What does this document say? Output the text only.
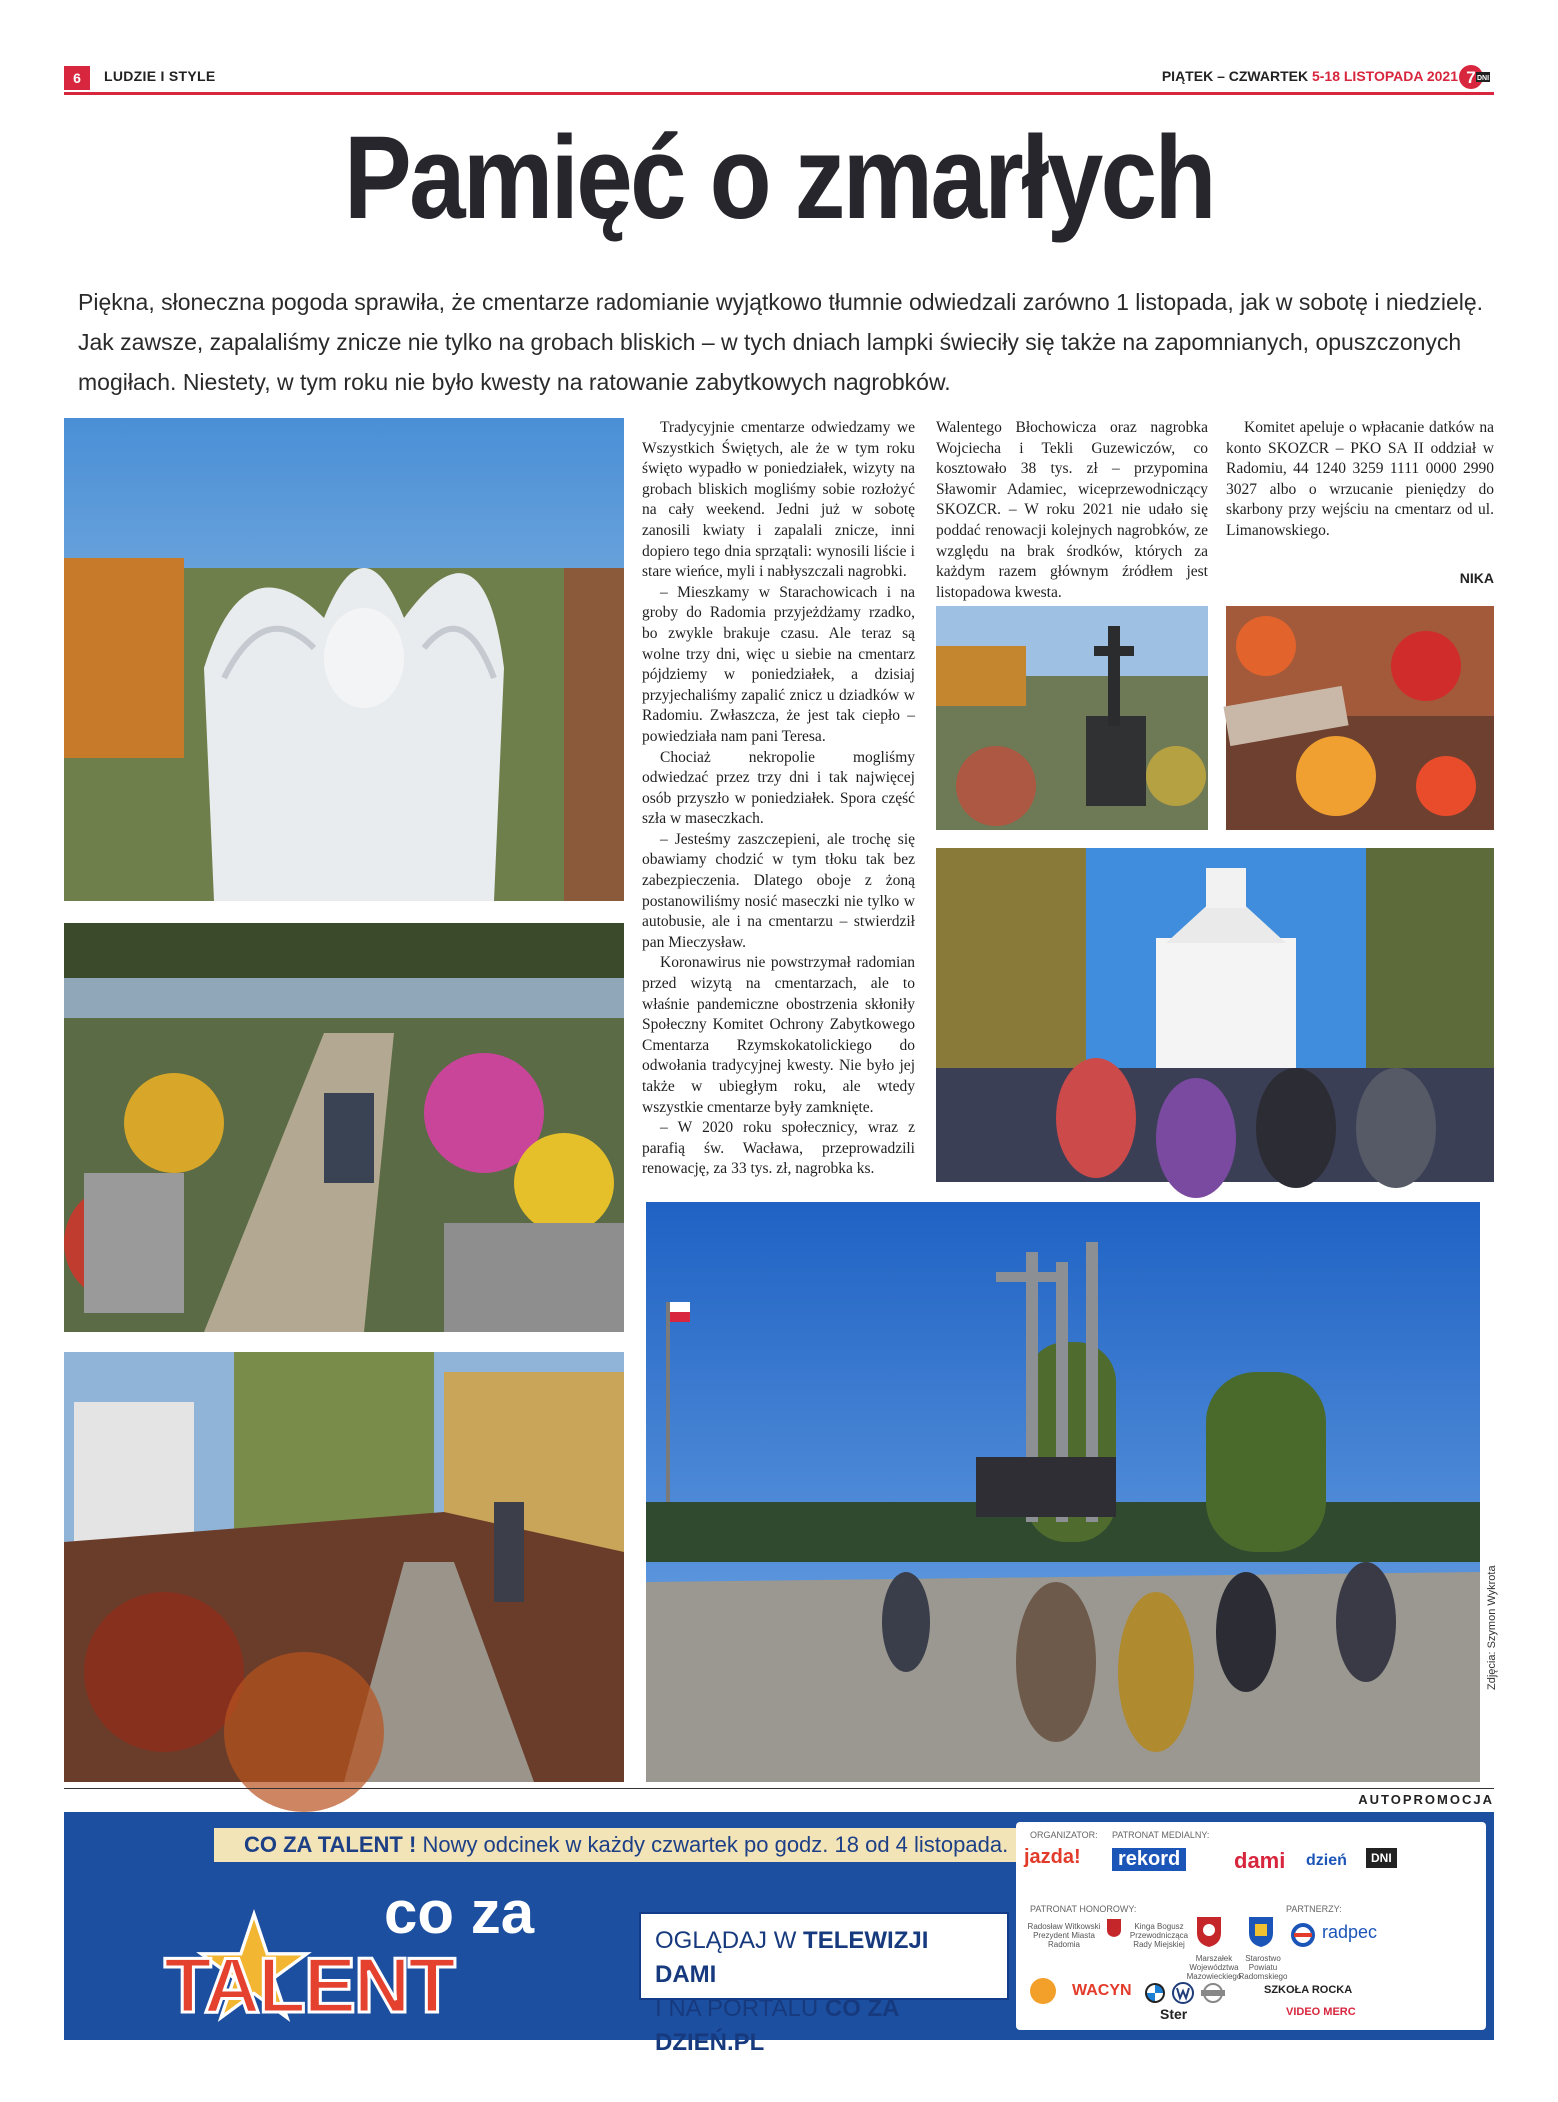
6	LUDZIE I STYLE	PIĄTEK – CZWARTEK 5-18 LISTOPADA 2021 7 DNI
Pamięć o zmarłych
Piękna, słoneczna pogoda sprawiła, że cmentarze radomianie wyjątkowo tłumnie odwiedzali zarówno 1 listopada, jak w sobotę i niedzielę. Jak zawsze, zapalaliśmy znicze nie tylko na grobach bliskich – w tych dniach lampki świeciły się także na zapomnianych, opuszczonych mogiłach. Niestety, w tym roku nie było kwesty na ratowanie zabytkowych nagrobków.

Tradycyjnie cmentarze odwiedzamy we Wszystkich Świętych, ale że w tym roku święto wypadło w poniedziałek, wizyty na grobach bliskich mogliśmy sobie rozłożyć na cały weekend. Jedni już w sobotę zanosili kwiaty i zapalali znicze, inni dopiero tego dnia sprzątali: wynosili liście i stare wieńce, myli i nabłyszczali nagrobki.

– Mieszkamy w Starachowicach i na groby do Radomia przyjeżdżamy rzadko, bo zwykle brakuje czasu. Ale teraz są wolne trzy dni, więc u siebie na cmentarz pójdziemy w poniedziałek, a dzisiaj przyjechaliśmy zapalić znicz u dziadków w Radomiu. Zwłaszcza, że jest tak ciepło – powiedziała nam pani Teresa.

Chociaż nekropolie mogliśmy odwiedzać przez trzy dni i tak najwięcej osób przyszło w poniedziałek. Spora część szła w maseczkach.

– Jesteśmy zaszczepieni, ale trochę się obawiamy chodzić w tym tłoku tak bez zabezpieczenia. Dlatego oboje z żoną postanowiliśmy nosić maseczki nie tylko w autobusie, ale i na cmentarzu – stwierdził pan Mieczysław.

Koronawirus nie powstrzymał radomian przed wizytą na cmentarzach, ale to właśnie pandemiczne obostrzenia skłoniły Społeczny Komitet Ochrony Zabytkowego Cmentarza Rzymskokatolickiego do odwołania tradycyjnej kwesty. Nie było jej także w ubiegłym roku, ale wtedy wszystkie cmentarze były zamknięte.

– W 2020 roku społecznicy, wraz z parafią św. Wacława, przeprowadzili renowację, za 33 tys. zł, nagrobka ks.

Walentego Błochowicza oraz nagrobka Wojciecha i Tekli Guzewiczów, co kosztowało 38 tys. zł – przypomina Sławomir Adamiec, wiceprzewodniczący SKOZCR. – W roku 2021 nie udało się poddać renowacji kolejnych nagrobków, ze względu na brak środków, których za każdym razem głównym źródłem jest listopadowa kwesta.

Komitet apeluje o wpłacanie datków na konto SKOZCR – PKO SA II oddział w Radomiu, 44 1240 3259 1111 0000 2990 3027 albo o wrzucanie pieniędzy do skarbony przy wejściu na cmentarz od ul. Limanowskiego.

NIKA
Zdjęcia: Szymon Wykrota
AUTOPROMOCJA
CO ZA TALENT ! Nowy odcinek w każdy czwartek po godz. 18 od 4 listopada.
co za
TALENT
OGLĄDAJ W TELEWIZJI DAMI
I NA PORTALU CO ZA DZIEŃ.PL
ORGANIZATOR: PATRONAT MEDIALNY:
jazda!	rekord dami dzień	DNI
PATRONAT HONOROWY:	PARTNERZY:
Radosław Witkowski Prezydent Miasta Radomia
Kinga Bogusz Przewodnicząca Rady Miejskiej
Marszałek Województwa Mazowieckiego
Starostwo Powiatu Radomskiego
radpec
WACYN
Ster
SZKOŁA ROCKA
VIDEO MERC
